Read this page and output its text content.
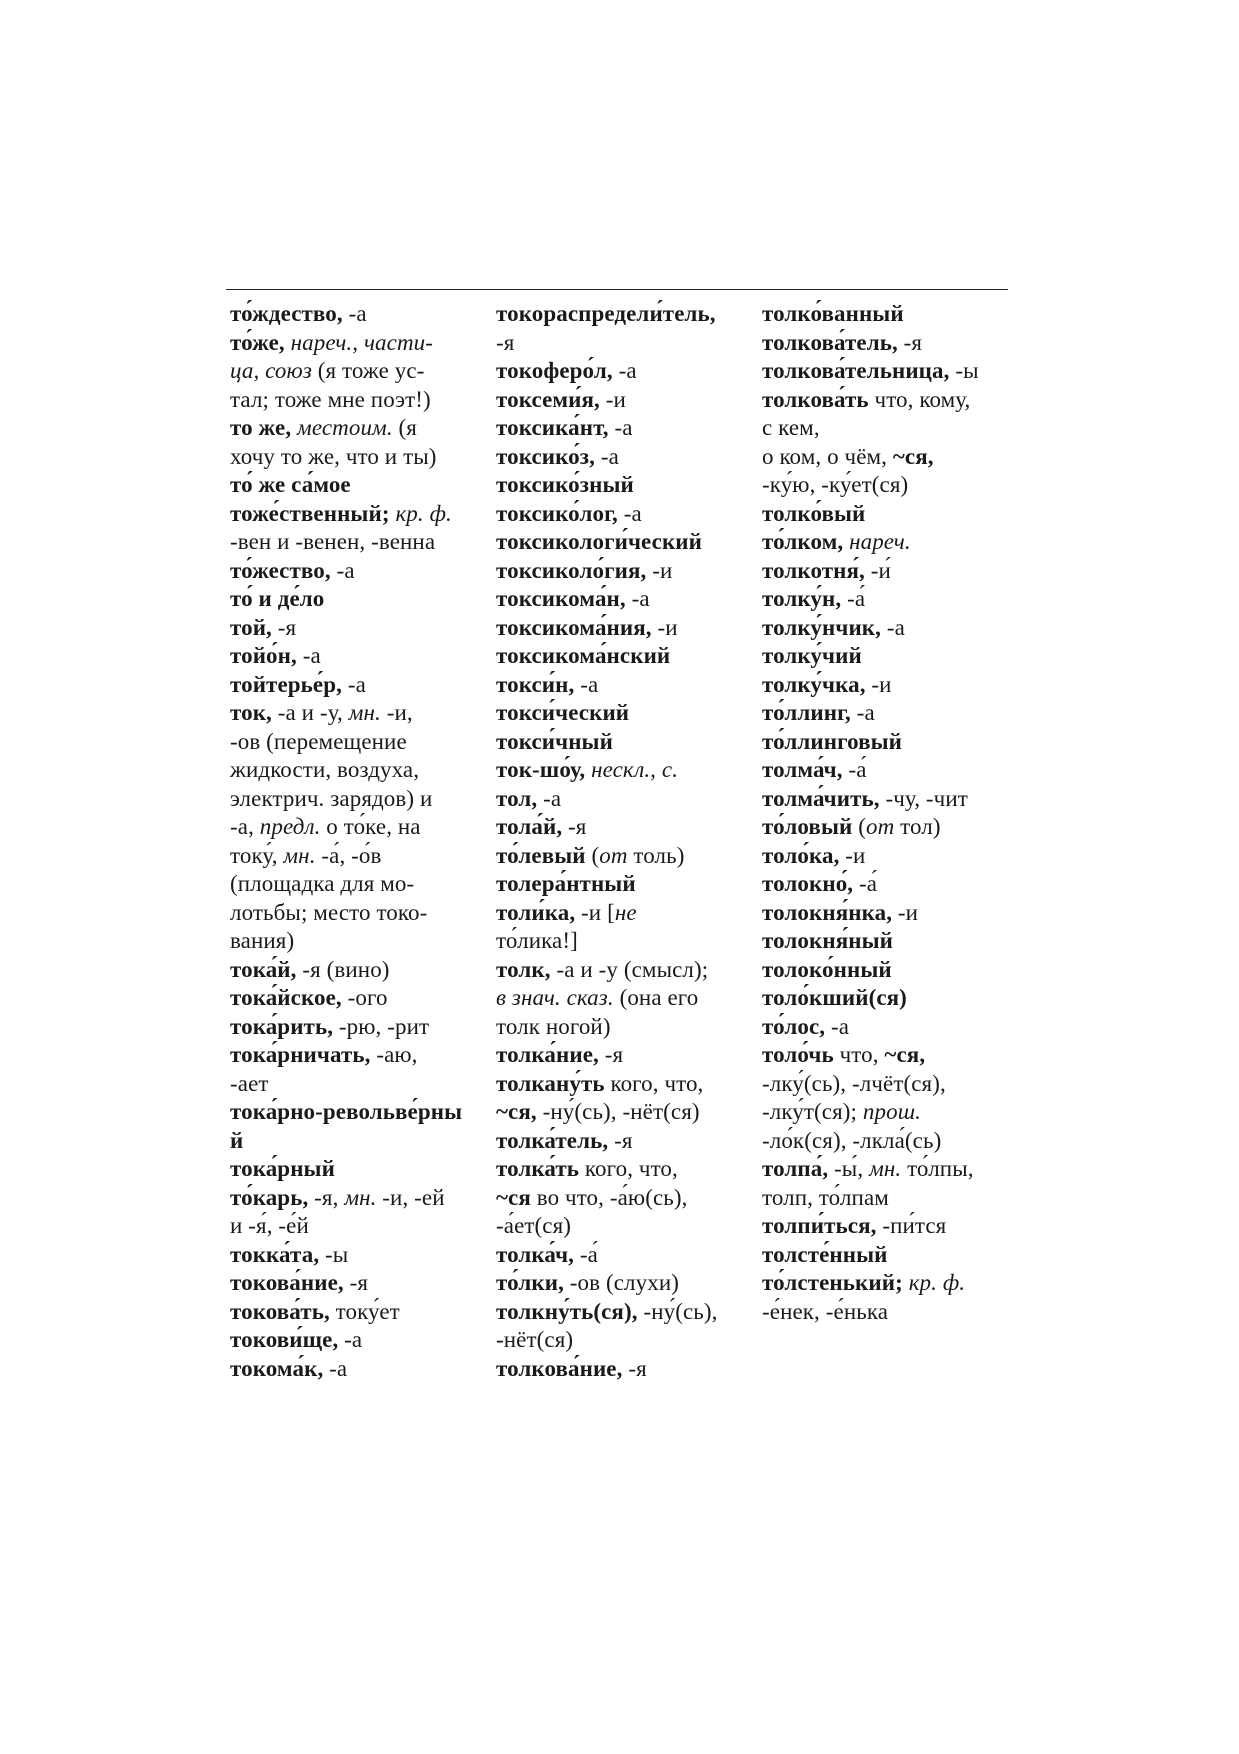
то́ждество, -а
то́же, нареч., части-
ца, союз (я тоже ус-
тал; тоже мне поэт!)
то же, местоим. (я
хочу то же, что и ты)
то́ же са́мое
тоже́ственный; кр. ф.
-вен и -венен, -венна
то́жество, -а
то́ и де́ло
той, -я
тойо́н, -а
тойтерье́р, -а
ток, -а и -у, мн. -и,
-ов (перемещение
жидкости, воздуха,
электрич. зарядов) и
-а, предл. о то́ке, на
току́, мн. -а́, -о́в
(площадка для мо-
лотьбы; место токо-
вания)
тока́й, -я (вино)
тока́йское, -ого
тока́рить, -рю, -рит
тока́рничать, -аю,
-ает
тока́рно-револьве́рны
й
тока́рный
то́карь, -я, мн. -и, -ей
и -я́, -е́й
токка́та, -ы
токова́ние, -я
токова́ть, току́ет
токови́ще, -а
токома́к, -а
токораспредели́тель,
-я
токоферо́л, -а
токсеми́я, -и
токсика́нт, -а
токсико́з, -а
токсико́зный
токсико́лог, -а
токсикологи́ческий
токсиколо́гия, -и
токсикома́н, -а
токсикома́ния, -и
токсикома́нский
токси́н, -а
токси́ческий
токси́чный
ток-шо́у, нескл., с.
тол, -а
тола́й, -я
то́левый (от толь)
толера́нтный
толи́ка, -и [не
то́лика!]
толк, -а и -у (смысл);
в знач. сказ. (она его
толк ногой)
толка́ние, -я
толкану́ть кого, что,
~ся, -ну́(сь), -нёт(ся)
толка́тель, -я
толка́ть кого, что,
~ся во что, -а́ю(сь),
-а́ет(ся)
толка́ч, -а́
то́лки, -ов (слухи)
толкну́ть(ся), -ну́(сь),
-нёт(ся)
толкова́ние, -я
толко́ванный
толкова́тель, -я
толкова́тельница, -ы
толкова́ть что, кому,
с кем,
о ком, о чём, ~ся,
-ку́ю, -ку́ет(ся)
толко́вый
то́лком, нареч.
толкотня́, -и́
толку́н, -а́
толку́нчик, -а
толку́чий
толку́чка, -и
то́ллинг, -а
то́ллинговый
толма́ч, -а́
толма́чить, -чу, -чит
то́ловый (от тол)
толо́ка, -и
толокно́, -а́
толокня́нка, -и
толокня́ный
толоко́нный
толо́кший(ся)
то́лос, -а
толо́чь что, ~ся,
-лку́(сь), -лчёт(ся),
-лку́т(ся); прош.
-ло́к(ся), -лкла́(сь)
толпа́, -ы́, мн. то́лпы,
толп, то́лпам
толпи́ться, -пи́тся
толсте́нный
то́лстенький; кр. ф.
-е́нек, -е́нька
